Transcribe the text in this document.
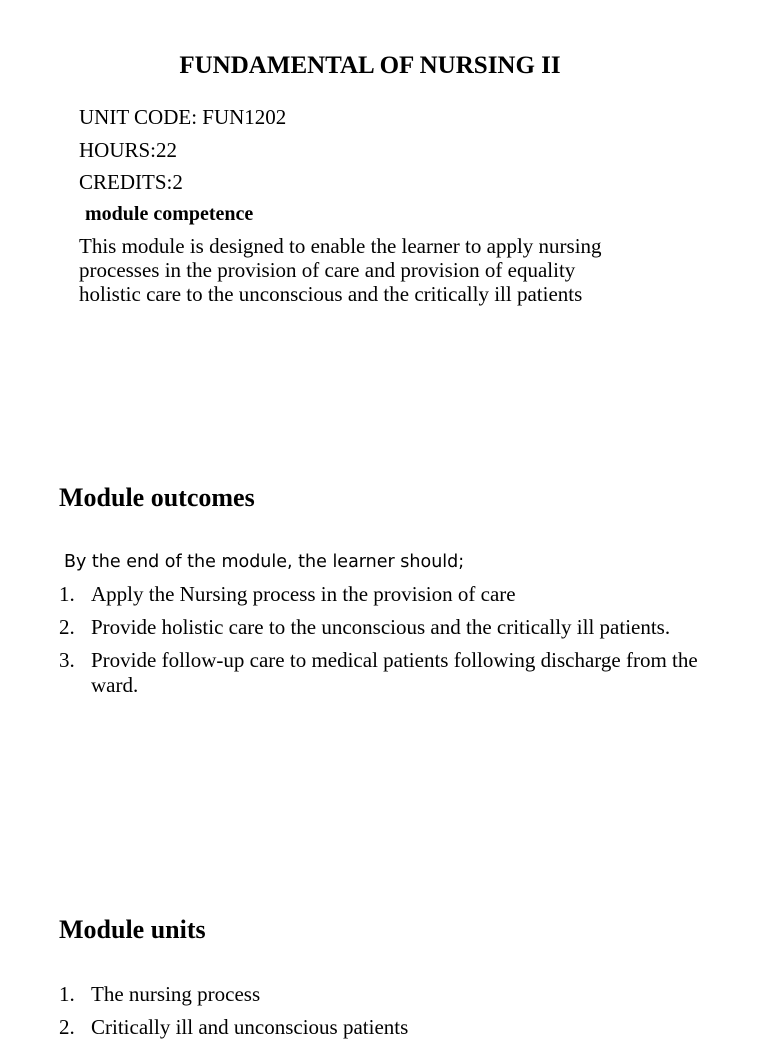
FUNDAMENTAL OF NURSING II
UNIT CODE: FUN1202
HOURS:22
CREDITS:2
module competence
This module is designed to enable the learner to apply nursing
processes in the provision of care and provision of equality
holistic care to the unconscious and the critically ill patients
Module outcomes
By the end of the module, the learner should;
1. Apply the Nursing process in the provision of care
2. Provide holistic care to the unconscious and the critically ill patients.
3. Provide follow-up care to medical patients following discharge from the ward.
Module units
1. The nursing process
2. Critically ill and unconscious patients
